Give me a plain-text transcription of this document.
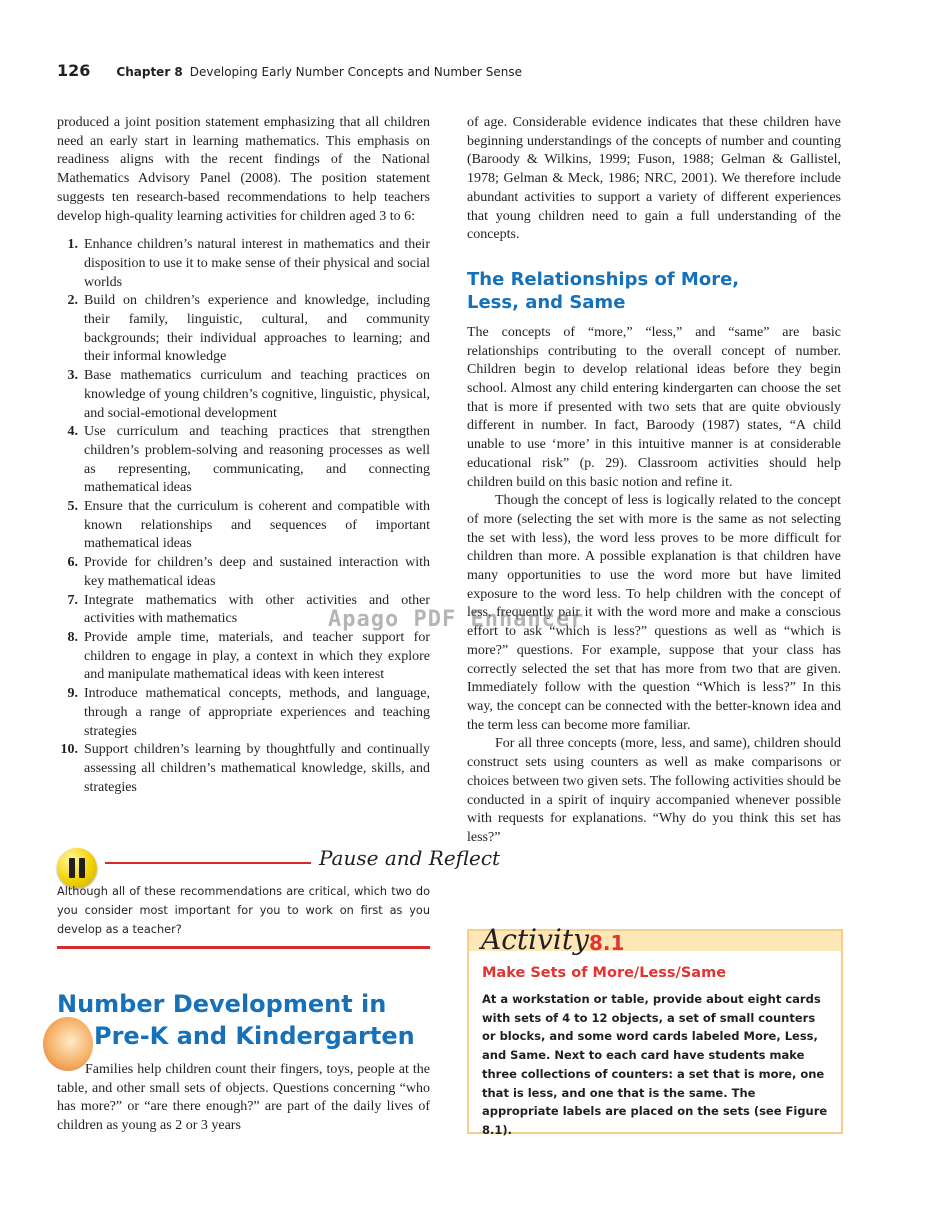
126 Chapter 8 Developing Early Number Concepts and Number Sense

produced a joint position statement emphasizing that all children need an early start in learning mathematics. This emphasis on readiness aligns with the recent findings of the National Mathematics Advisory Panel (2008). The position statement suggests ten research-based recommendations to help teachers develop high-quality learning activities for children aged 3 to 6:

1. Enhance children’s natural interest in mathematics and their disposition to use it to make sense of their physical and social worlds
2. Build on children’s experience and knowledge, including their family, linguistic, cultural, and community backgrounds; their individual approaches to learning; and their informal knowledge
3. Base mathematics curriculum and teaching practices on knowledge of young children’s cognitive, linguistic, physical, and social-emotional development
4. Use curriculum and teaching practices that strengthen children’s problem-solving and reasoning processes as well as representing, communicating, and connecting mathematical ideas
5. Ensure that the curriculum is coherent and compatible with known relationships and sequences of important mathematical ideas
6. Provide for children’s deep and sustained interaction with key mathematical ideas
7. Integrate mathematics with other activities and other activities with mathematics
8. Provide ample time, materials, and teacher support for children to engage in play, a context in which they explore and manipulate mathematical ideas with keen interest
9. Introduce mathematical concepts, methods, and language, through a range of appropriate experiences and teaching strategies
10. Support children’s learning by thoughtfully and continually assessing all children’s mathematical knowledge, skills, and strategies
Pause and Reflect
Although all of these recommendations are critical, which two do you consider most important for you to work on first as you develop as a teacher?
Number Development in
Pre-K and Kindergarten

Families help children count their fingers, toys, people at the table, and other small sets of objects. Questions concerning “who has more?” or “are there enough?” are part of the daily lives of children as young as 2 or 3 years

of age. Considerable evidence indicates that these children have beginning understandings of the concepts of number and counting (Baroody & Wilkins, 1999; Fuson, 1988; Gelman & Gallistel, 1978; Gelman & Meck, 1986; NRC, 2001). We therefore include abundant activities to support a variety of different experiences that young children need to gain a full understanding of the concepts.

The Relationships of More,
Less, and Same

The concepts of “more,” “less,” and “same” are basic relationships contributing to the overall concept of number. Children begin to develop relational ideas before they begin school. Almost any child entering kindergarten can choose the set that is more if presented with two sets that are quite obviously different in number. In fact, Baroody (1987) states, “A child unable to use ‘more’ in this intuitive manner is at considerable educational risk” (p. 29). Classroom activities should help children build on this basic notion and refine it.

Though the concept of less is logically related to the concept of more (selecting the set with more is the same as not selecting the set with less), the word less proves to be more difficult for children than more. A possible explanation is that children have many opportunities to use the word more but have limited exposure to the word less. To help children with the concept of less, frequently pair it with the word more and make a conscious effort to ask “which is less?” questions as well as “which is more?” questions. For example, suppose that your class has correctly selected the set that has more from two that are given. Immediately follow with the question “Which is less?” In this way, the concept can be connected with the better-known idea and the term less can become more familiar.

For all three concepts (more, less, and same), children should construct sets using counters as well as make comparisons or choices between two given sets. The following activities should be conducted in a spirit of inquiry accompanied whenever possible with requests for explanations. “Why do you think this set has less?”

Apago PDF Enhancer
Activity 8.1
Make Sets of More/Less/Same
At a workstation or table, provide about eight cards with sets of 4 to 12 objects, a set of small counters or blocks, and some word cards labeled More, Less, and Same. Next to each card have students make three collections of counters: a set that is more, one that is less, and one that is the same. The appropriate labels are placed on the sets (see Figure 8.1).
